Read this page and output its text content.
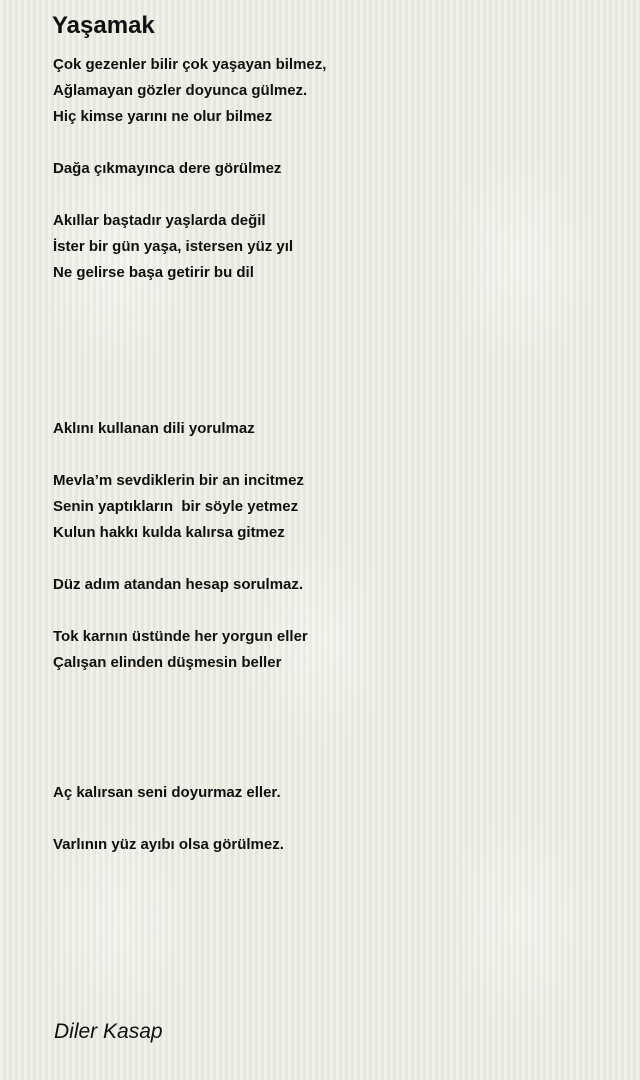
Yaşamak
Çok gezenler bilir çok yaşayan bilmez,
Ağlamayan gözler doyunca gülmez.
Hiç kimse yarını ne olur bilmez
Dağa çıkmayınca dere görülmez
Akıllar baştadır yaşlarda değil
İster bir gün yaşa, istersen yüz yıl
Ne gelirse başa getirir bu dil
Aklını kullanan dili yorulmaz
Mevla’m sevdiklerin bir an incitmez
Senin yaptıkların  bir söyle yetmez
Kulun hakkı kulda kalırsa gitmez
Düz adım atandan hesap sorulmaz.
Tok karnın üstünde her yorgun eller
Çalışan elinden düşmesin beller
Aç kalırsan seni doyurmaz eller.
Varlının yüz ayıbı olsa görülmez.
Diler Kasap
